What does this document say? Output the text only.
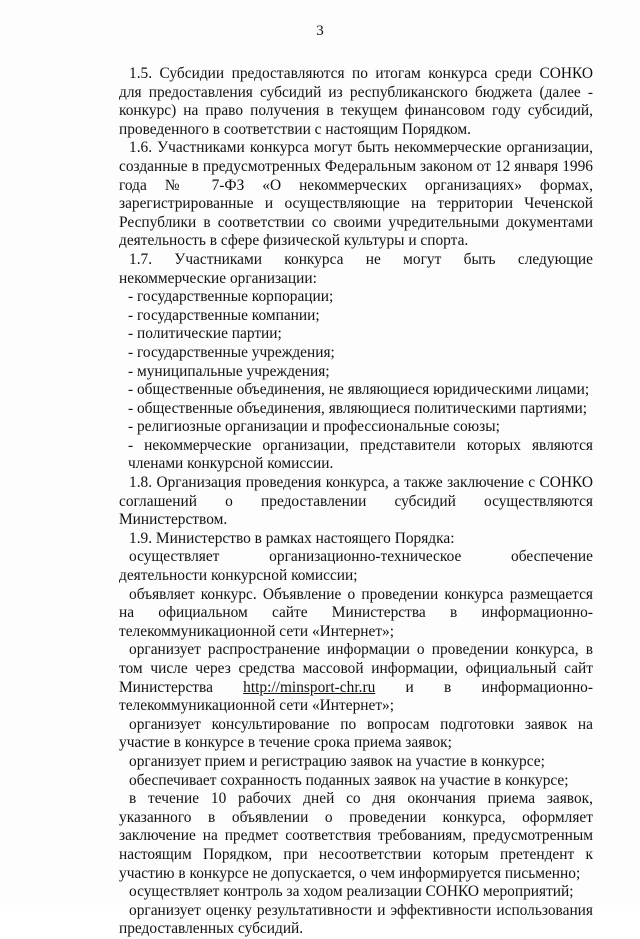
3

1.5. Субсидии предоставляются по итогам конкурса среди СОНКО для предоставления субсидий из республиканского бюджета (далее - конкурс) на право получения в текущем финансовом году субсидий, проведенного в соответствии с настоящим Порядком.

1.6. Участниками конкурса могут быть некоммерческие организации, созданные в предусмотренных Федеральным законом от 12 января 1996 года № 7-ФЗ «О некоммерческих организациях» формах, зарегистрированные и осуществляющие на территории Чеченской Республики в соответствии со своими учредительными документами деятельность в сфере физической культуры и спорта.

1.7. Участниками конкурса не могут быть следующие некоммерческие организации:

- государственные корпорации;

- государственные компании;

- политические партии;

- государственные учреждения;

- муниципальные учреждения;

- общественные объединения, не являющиеся юридическими лицами;

- общественные объединения, являющиеся политическими партиями;

- религиозные организации и профессиональные союзы;

- некоммерческие организации, представители которых являются членами конкурсной комиссии.

1.8. Организация проведения конкурса, а также заключение с СОНКО соглашений о предоставлении субсидий осуществляются Министерством.

1.9. Министерство в рамках настоящего Порядка:

осуществляет организационно-техническое обеспечение деятельности конкурсной комиссии;

объявляет конкурс. Объявление о проведении конкурса размещается на официальном сайте Министерства в информационно-телекоммуникационной сети «Интернет»;

организует распространение информации о проведении конкурса, в том числе через средства массовой информации, официальный сайт Министерства http://minsport-chr.ru и в информационно-телекоммуникационной сети «Интернет»;

организует консультирование по вопросам подготовки заявок на участие в конкурсе в течение срока приема заявок;

организует прием и регистрацию заявок на участие в конкурсе;

обеспечивает сохранность поданных заявок на участие в конкурсе;

в течение 10 рабочих дней со дня окончания приема заявок, указанного в объявлении о проведении конкурса, оформляет заключение на предмет соответствия требованиям, предусмотренным настоящим Порядком, при несоответствии которым претендент к участию в конкурсе не допускается, о чем информируется письменно;

осуществляет контроль за ходом реализации СОНКО мероприятий;

организует оценку результативности и эффективности использования предоставленных субсидий.
